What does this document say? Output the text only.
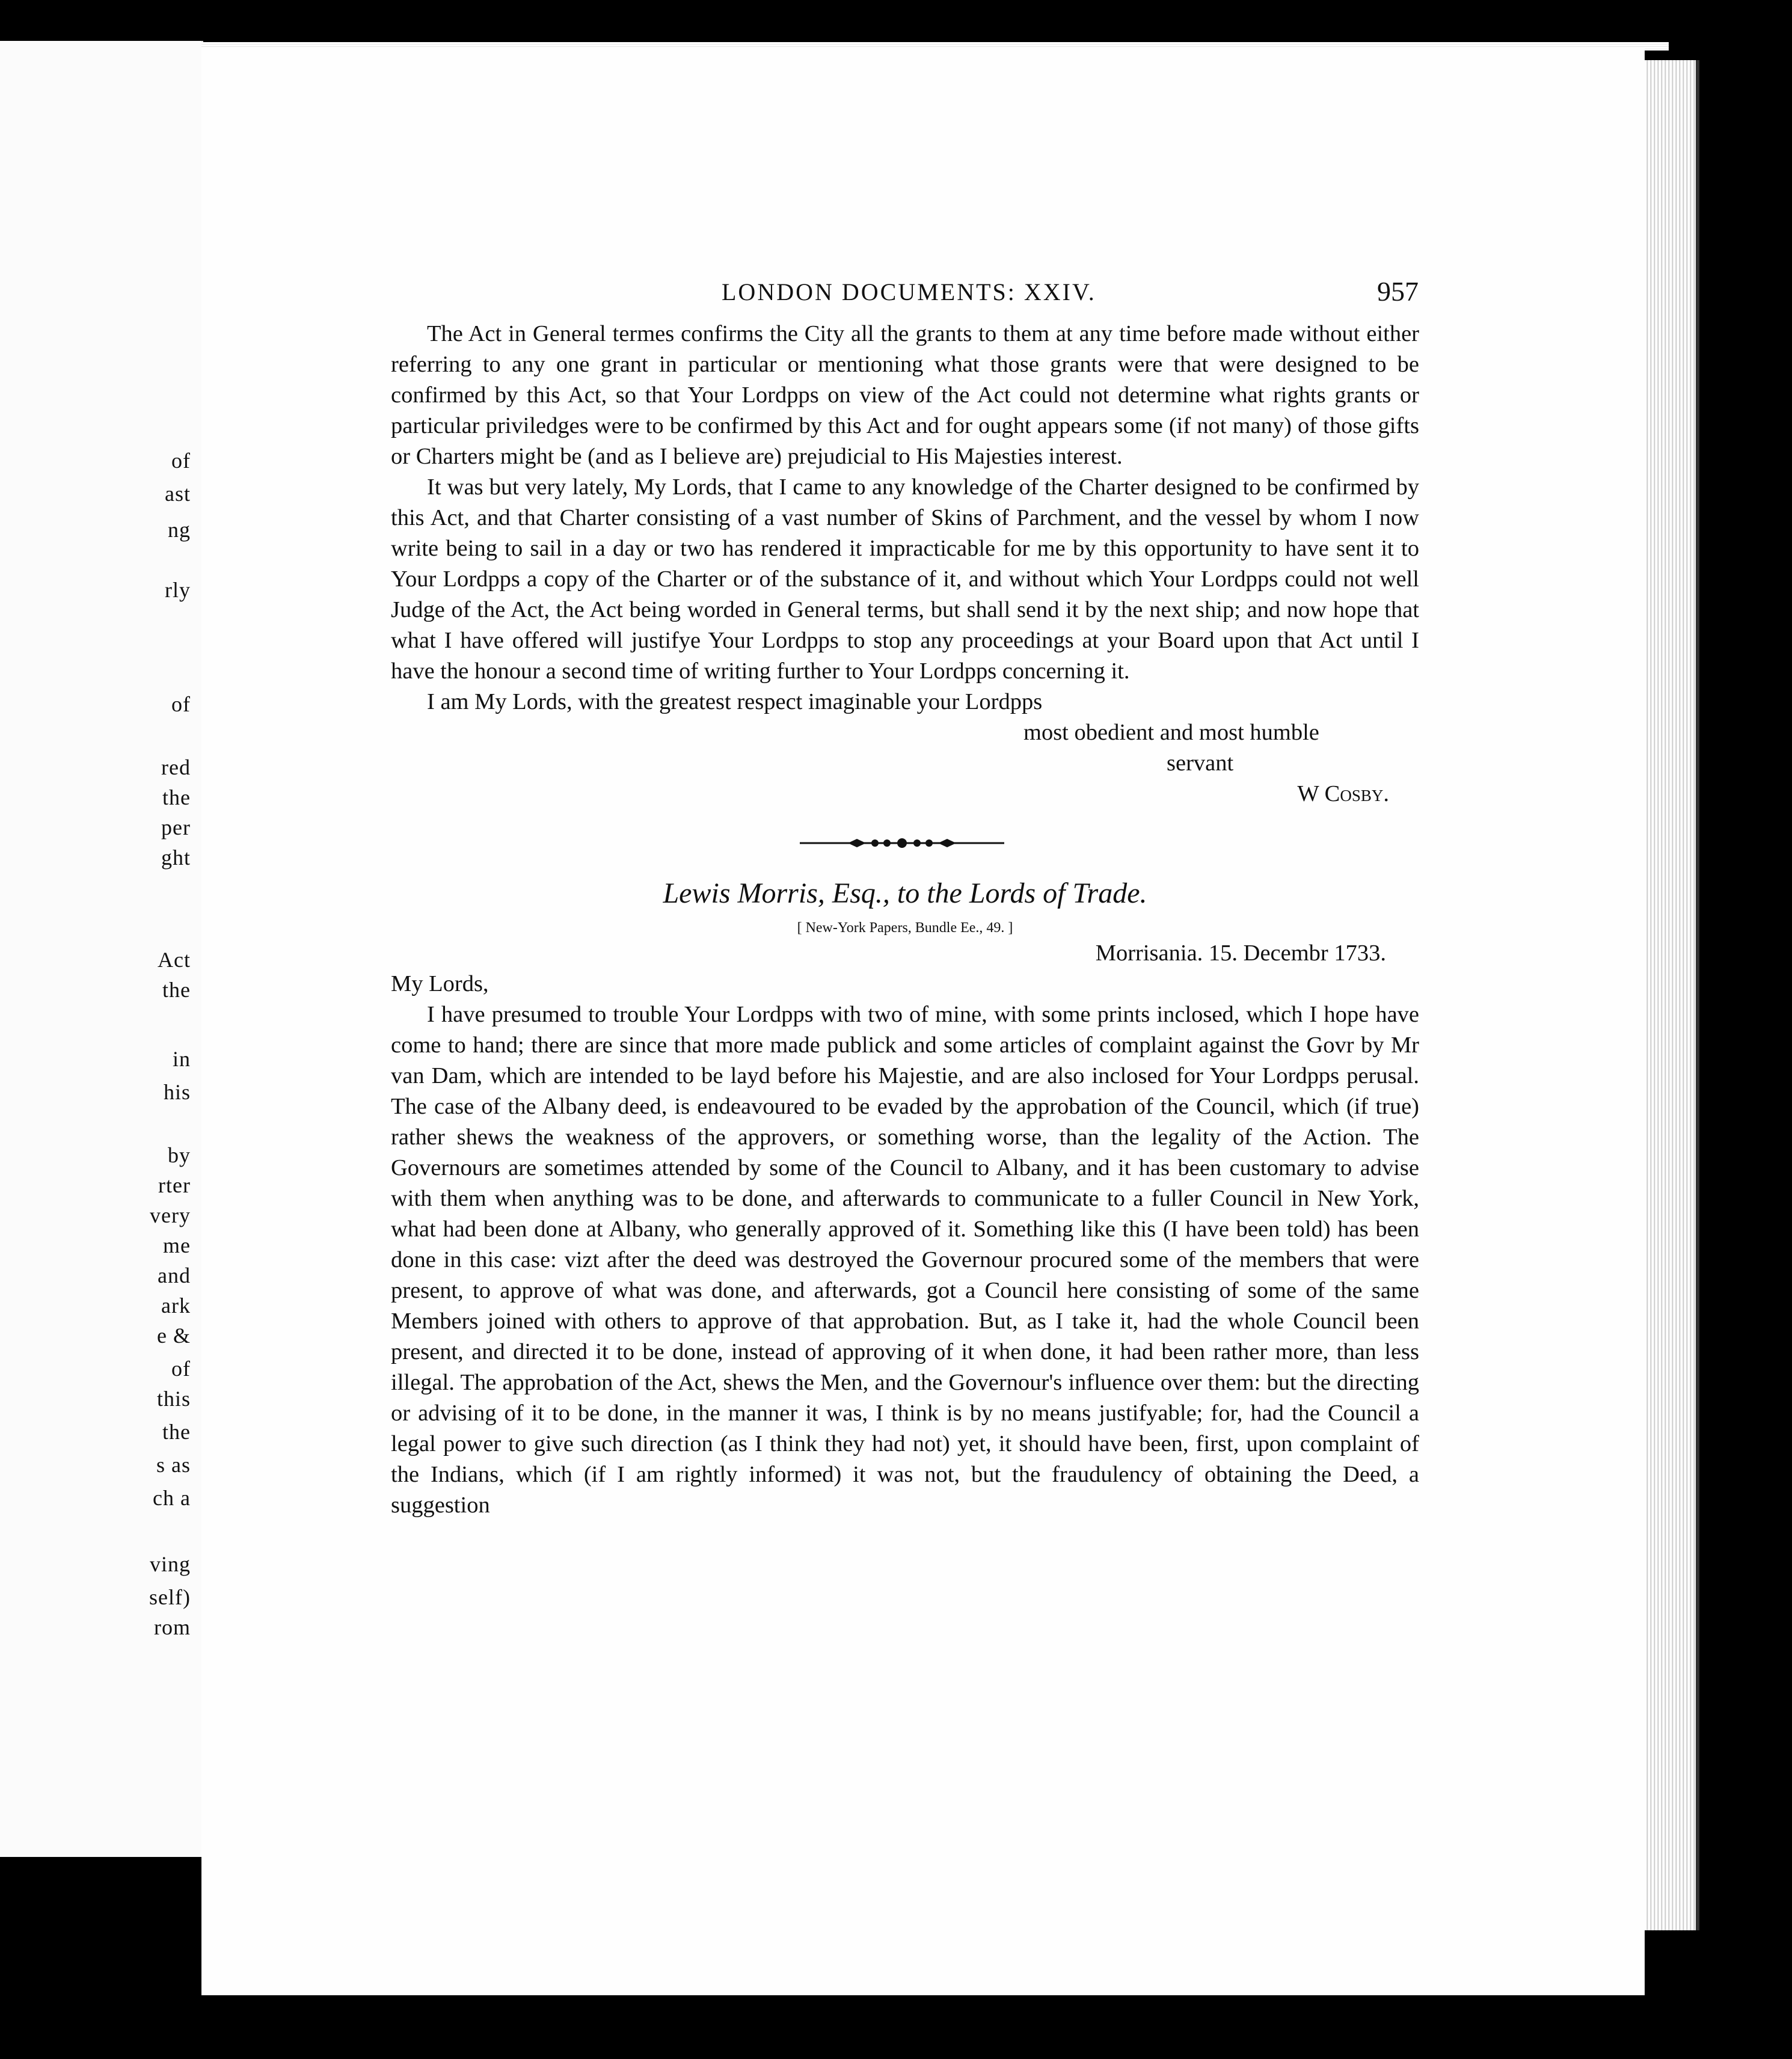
of
ast
ng
rly
of
red
the
per
ght
Act
the
in
his
by
rter
very
me
and
ark
e &
of
this
the
s as
ch a
ving
self)
rom
LONDON DOCUMENTS: XXIV.	957

The Act in General termes confirms the City all the grants to them at any time before made without either referring to any one grant in particular or mentioning what those grants were that were designed to be confirmed by this Act, so that Your Lordpps on view of the Act could not determine what rights grants or particular priviledges were to be confirmed by this Act and for ought appears some (if not many) of those gifts or Charters might be (and as I believe are) prejudicial to His Majesties interest.

It was but very lately, My Lords, that I came to any knowledge of the Charter designed to be confirmed by this Act, and that Charter consisting of a vast number of Skins of Parchment, and the vessel by whom I now write being to sail in a day or two has rendered it impracticable for me by this opportunity to have sent it to Your Lordpps a copy of the Charter or of the substance of it, and without which Your Lordpps could not well Judge of the Act, the Act being worded in General terms, but shall send it by the next ship; and now hope that what I have offered will justifye Your Lordpps to stop any proceedings at your Board upon that Act until I have the honour a second time of writing further to Your Lordpps concerning it.

I am My Lords, with the greatest respect imaginable your Lordpps

most obedient and most humble

servant

W Cosby.

Lewis Morris, Esq., to the Lords of Trade.

[ New-York Papers, Bundle Ee., 49. ]

Morrisania. 15. Decembr 1733.

My Lords,

I have presumed to trouble Your Lordpps with two of mine, with some prints inclosed, which I hope have come to hand; there are since that more made publick and some articles of complaint against the Govr by Mr van Dam, which are intended to be layd before his Majestie, and are also inclosed for Your Lordpps perusal. The case of the Albany deed, is endeavoured to be evaded by the approbation of the Council, which (if true) rather shews the weakness of the approvers, or something worse, than the legality of the Action. The Governours are sometimes attended by some of the Council to Albany, and it has been customary to advise with them when anything was to be done, and afterwards to communicate to a fuller Council in New York, what had been done at Albany, who generally approved of it. Something like this (I have been told) has been done in this case: vizt after the deed was destroyed the Governour procured some of the members that were present, to approve of what was done, and afterwards, got a Council here consisting of some of the same Members joined with others to approve of that approbation. But, as I take it, had the whole Council been present, and directed it to be done, instead of approving of it when done, it had been rather more, than less illegal. The approbation of the Act, shews the Men, and the Governour's influence over them: but the directing or advising of it to be done, in the manner it was, I think is by no means justifyable; for, had the Council a legal power to give such direction (as I think they had not) yet, it should have been, first, upon complaint of the Indians, which (if I am rightly informed) it was not, but the fraudulency of obtaining the Deed, a suggestion
